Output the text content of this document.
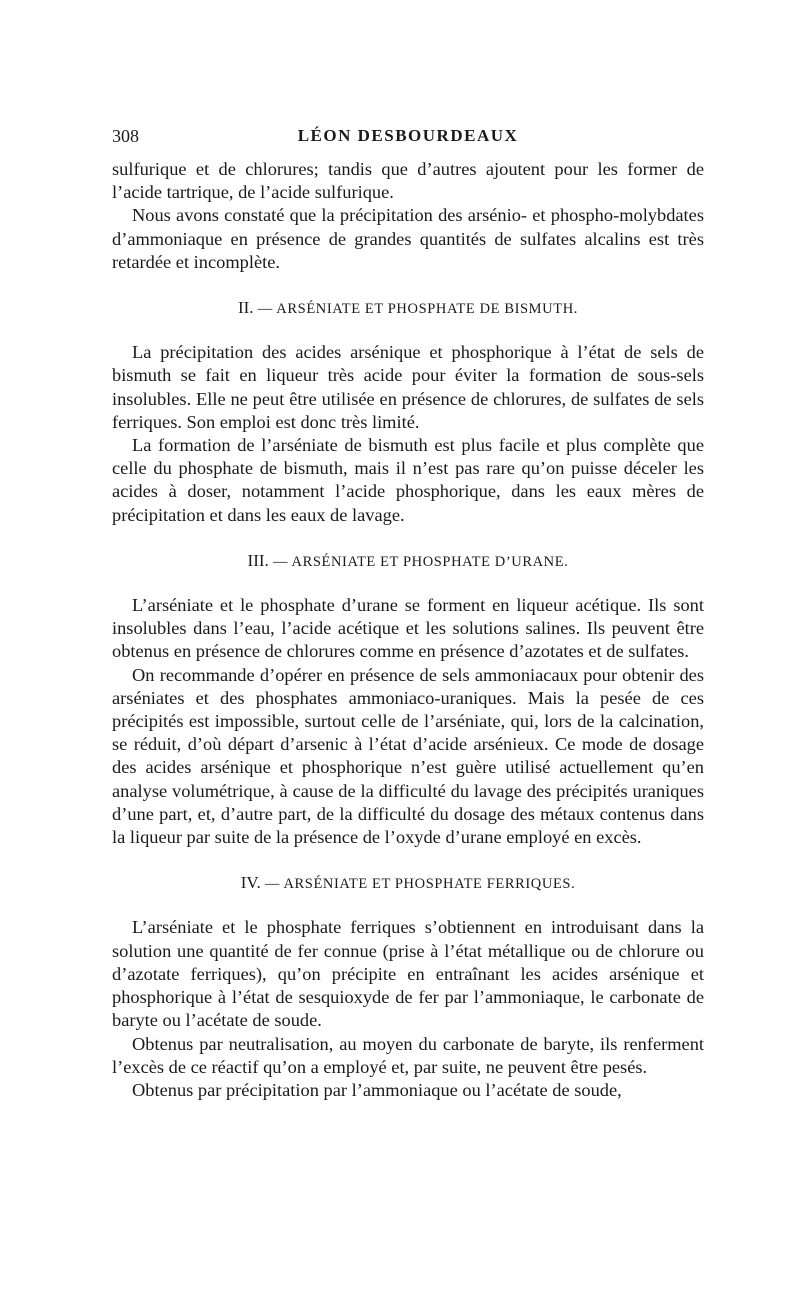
308	LÉON DESBOURDEAUX

sulfurique et de chlorures; tandis que d’autres ajoutent pour les former de l’acide tartrique, de l’acide sulfurique.

Nous avons constaté que la précipitation des arsénio- et phospho-molybdates d’ammoniaque en présence de grandes quantités de sulfates alcalins est très retardée et incomplète.

II. — ARSÉNIATE ET PHOSPHATE DE BISMUTH.

La précipitation des acides arsénique et phosphorique à l’état de sels de bismuth se fait en liqueur très acide pour éviter la formation de sous-sels insolubles. Elle ne peut être utilisée en présence de chlorures, de sulfates de sels ferriques. Son emploi est donc très limité.

La formation de l’arséniate de bismuth est plus facile et plus complète que celle du phosphate de bismuth, mais il n’est pas rare qu’on puisse déceler les acides à doser, notamment l’acide phosphorique, dans les eaux mères de précipitation et dans les eaux de lavage.

III. — ARSÉNIATE ET PHOSPHATE D’URANE.

L’arséniate et le phosphate d’urane se forment en liqueur acétique. Ils sont insolubles dans l’eau, l’acide acétique et les solutions salines. Ils peuvent être obtenus en présence de chlorures comme en présence d’azotates et de sulfates.

On recommande d’opérer en présence de sels ammoniacaux pour obtenir des arséniates et des phosphates ammoniaco-uraniques. Mais la pesée de ces précipités est impossible, surtout celle de l’arséniate, qui, lors de la calcination, se réduit, d’où départ d’arsenic à l’état d’acide arsénieux. Ce mode de dosage des acides arsénique et phosphorique n’est guère utilisé actuellement qu’en analyse volumétrique, à cause de la difficulté du lavage des précipités uraniques d’une part, et, d’autre part, de la difficulté du dosage des métaux contenus dans la liqueur par suite de la présence de l’oxyde d’urane employé en excès.

IV. — ARSÉNIATE ET PHOSPHATE FERRIQUES.

L’arséniate et le phosphate ferriques s’obtiennent en introduisant dans la solution une quantité de fer connue (prise à l’état métallique ou de chlorure ou d’azotate ferriques), qu’on précipite en entraînant les acides arsénique et phosphorique à l’état de sesquioxyde de fer par l’ammoniaque, le carbonate de baryte ou l’acétate de soude.

Obtenus par neutralisation, au moyen du carbonate de baryte, ils renferment l’excès de ce réactif qu’on a employé et, par suite, ne peuvent être pesés.

Obtenus par précipitation par l’ammoniaque ou l’acétate de soude,
